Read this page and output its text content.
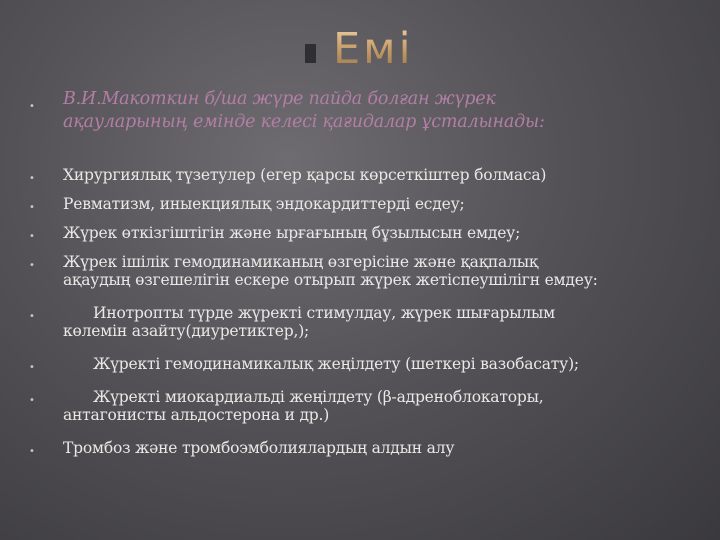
Емі
• В.И.Макоткин б/ша жүре пайда болған жүрек
ақауларының емінде келесі қағидалар ұсталынады:
• Хирургиялық түзетулер (егер қарсы көрсеткіштер болмаса)
• Ревматизм, иныекциялық эндокардиттерді есдеу;
• Жүрек өткізгіштігін және ырғағының бұзылысын емдеу;
• Жүрек ішілік гемодинамиканың өзгерісіне және қақпалық
ақаудың өзгешелігін ескере отырып жүрек жетіспеушілігн емдеу:
•	Инотропты түрде жүректі стимулдау, жүрек шығарылым
көлемін азайту(диуретиктер,);
•	Жүректі гемодинамикалық жеңілдету (шеткері вазобасату);
•	Жүректі миокардиальді жеңілдету (β-адреноблокаторы,
антагонисты альдостерона и др.)
• Тромбоз және тромбоэмболиялардың алдын алу
